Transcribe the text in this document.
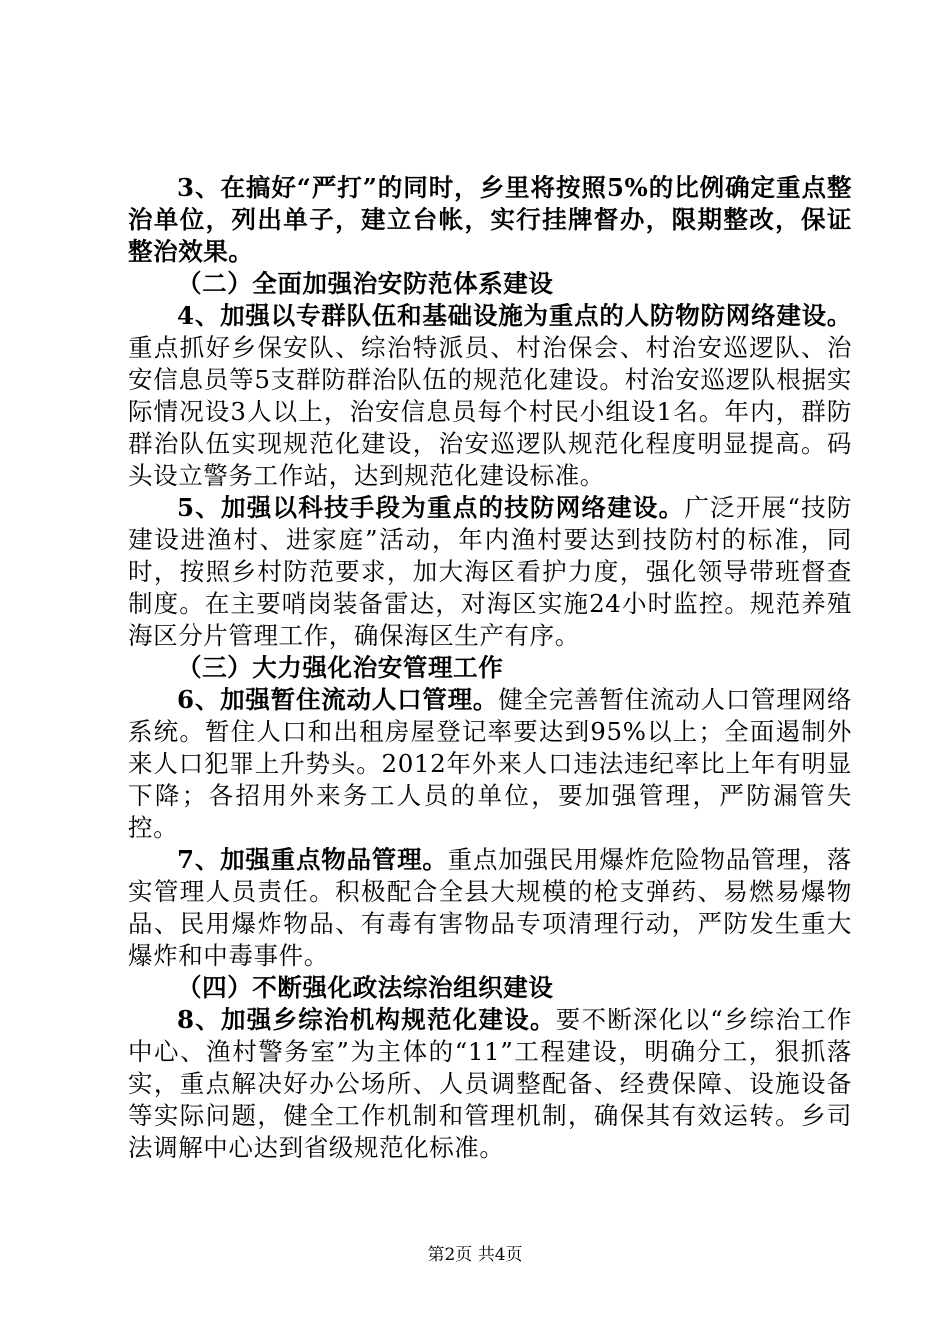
3、在搞好“严打”的同时，乡里将按照5%的比例确定重点整治单位，列出单子，建立台帐，实行挂牌督办，限期整改，保证整治效果。

（二）全面加强治安防范体系建设

4、加强以专群队伍和基础设施为重点的人防物防网络建设。重点抓好乡保安队、综治特派员、村治保会、村治安巡逻队、治安信息员等5支群防群治队伍的规范化建设。村治安巡逻队根据实际情况设3人以上，治安信息员每个村民小组设1名。年内，群防群治队伍实现规范化建设，治安巡逻队规范化程度明显提高。码头设立警务工作站，达到规范化建设标准。

5、加强以科技手段为重点的技防网络建设。广泛开展“技防建设进渔村、进家庭”活动，年内渔村要达到技防村的标准，同时，按照乡村防范要求，加大海区看护力度，强化领导带班督查制度。在主要哨岗装备雷达，对海区实施24小时监控。规范养殖海区分片管理工作，确保海区生产有序。

（三）大力强化治安管理工作

6、加强暂住流动人口管理。健全完善暂住流动人口管理网络系统。暂住人口和出租房屋登记率要达到95%以上；全面遏制外来人口犯罪上升势头。2012年外来人口违法违纪率比上年有明显下降；各招用外来务工人员的单位，要加强管理，严防漏管失控。

7、加强重点物品管理。重点加强民用爆炸危险物品管理，落实管理人员责任。积极配合全县大规模的枪支弹药、易燃易爆物品、民用爆炸物品、有毒有害物品专项清理行动，严防发生重大爆炸和中毒事件。

（四）不断强化政法综治组织建设

8、加强乡综治机构规范化建设。要不断深化以“乡综治工作中心、渔村警务室”为主体的“11”工程建设，明确分工，狠抓落实，重点解决好办公场所、人员调整配备、经费保障、设施设备等实际问题，健全工作机制和管理机制，确保其有效运转。乡司法调解中心达到省级规范化标准。

第2页 共4页
